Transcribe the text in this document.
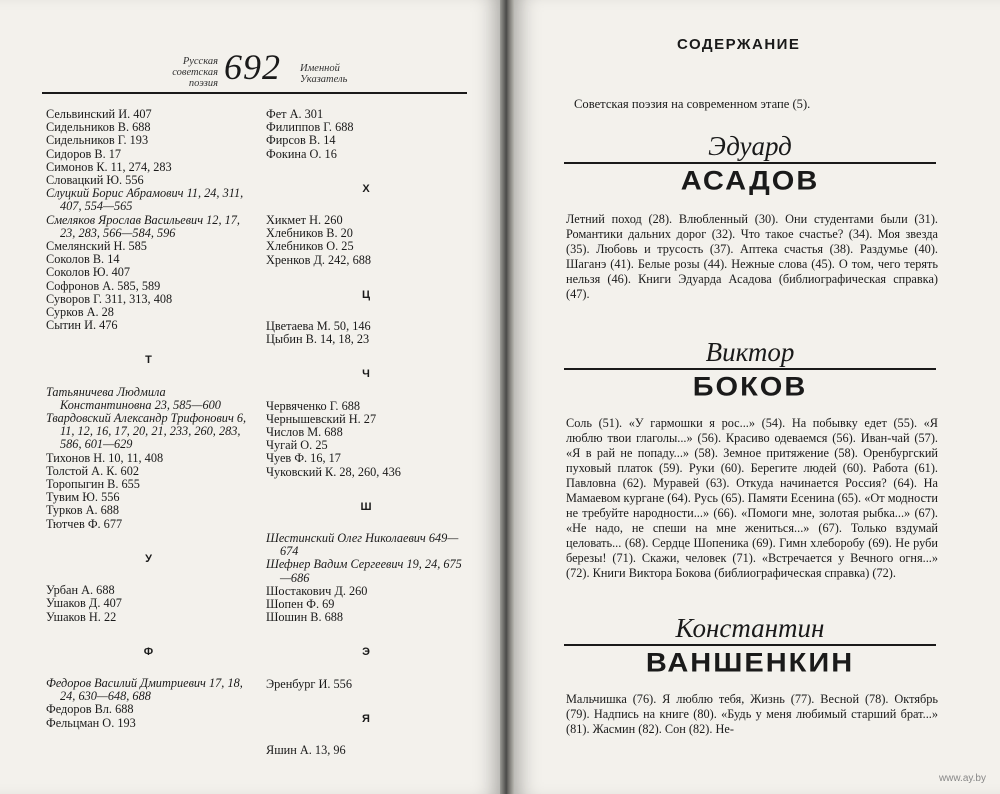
Русская советская поэзия 692 Именной Указатель
Сельвинский И. 407
Сидельников В. 688
Сидельников Г. 193
Сидоров В. 17
Симонов К. 11, 274, 283
Словацкий Ю. 556
Слуцкий Борис Абрамович 11, 24, 311, 407, 554—565
Смеляков Ярослав Васильевич 12, 17, 23, 283, 566—584, 596
Смелянский Н. 585
Соколов В. 14
Соколов Ю. 407
Софронов А. 585, 589
Суворов Г. 311, 313, 408
Сурков А. 28
Сытин И. 476
Т
Татьяничева Людмила Константиновна 23, 585—600
Твардовский Александр Трифонович 6, 11, 12, 16, 17, 20, 21, 233, 260, 283, 586, 601—629
Тихонов Н. 10, 11, 408
Толстой А. К. 602
Торопыгин В. 655
Тувим Ю. 556
Турков А. 688
Тютчев Ф. 677
У
Урбан А. 688
Ушаков Д. 407
Ушаков Н. 22
Ф
Федоров Василий Дмитриевич 17, 18, 24, 630—648, 688
Федоров Вл. 688
Фельцман О. 193
Фет А. 301
Филиппов Г. 688
Фирсов В. 14
Фокина О. 16
Х
Хикмет Н. 260
Хлебников В. 20
Хлебников О. 25
Хренков Д. 242, 688
Ц
Цветаева М. 50, 146
Цыбин В. 14, 18, 23
Ч
Червяченко Г. 688
Чернышевский Н. 27
Числов М. 688
Чугай О. 25
Чуев Ф. 16, 17
Чуковский К. 28, 260, 436
Ш
Шестинский Олег Николаевич 649—674
Шефнер Вадим Сергеевич 19, 24, 675—686
Шостакович Д. 260
Шопен Ф. 69
Шошин В. 688
Э
Эренбург И. 556
Я
Яшин А. 13, 96
СОДЕРЖАНИЕ
Советская поэзия на современном этапе (5).
Эдуард
АСАДОВ
Летний поход (28). Влюбленный (30). Они студентами были (31). Романтики дальних дорог (32). Что такое счастье? (34). Моя звезда (35). Любовь и трусость (37). Аптека счастья (38). Раздумье (40). Шаганэ (41). Белые розы (44). Нежные слова (45). О том, чего терять нельзя (46). Книги Эдуарда Асадова (библиографическая справка) (47).
Виктор
БОКОВ
Соль (51). «У гармошки я рос...» (54). На побывку едет (55). «Я люблю твои глаголы...» (56). Красиво одеваемся (56). Иван-чай (57). «Я в рай не попаду...» (58). Земное притяжение (58). Оренбургский пуховый платок (59). Руки (60). Берегите людей (60). Работа (61). Павловна (62). Муравей (63). Откуда начинается Россия? (64). На Мамаевом кургане (64). Русь (65). Памяти Есенина (65). «От модности не требуйте народности...» (66). «Помоги мне, золотая рыбка...» (67). «Не надо, не спеши на мне жениться...» (67). Только вздумай целовать... (68). Сердце Шопеника (69). Гимн хлеборобу (69). Не руби березы! (71). Скажи, человек (71). «Встречается у Вечного огня...» (72). Книги Виктора Бокова (библиографическая справка) (72).
Константин
ВАНШЕНКИН
Мальчишка (76). Я люблю тебя, Жизнь (77). Весной (78). Октябрь (79). Надпись на книге (80). «Будь у меня любимый старший брат...» (81). Жасмин (82). Сон (82). Не-
www.ay.by
